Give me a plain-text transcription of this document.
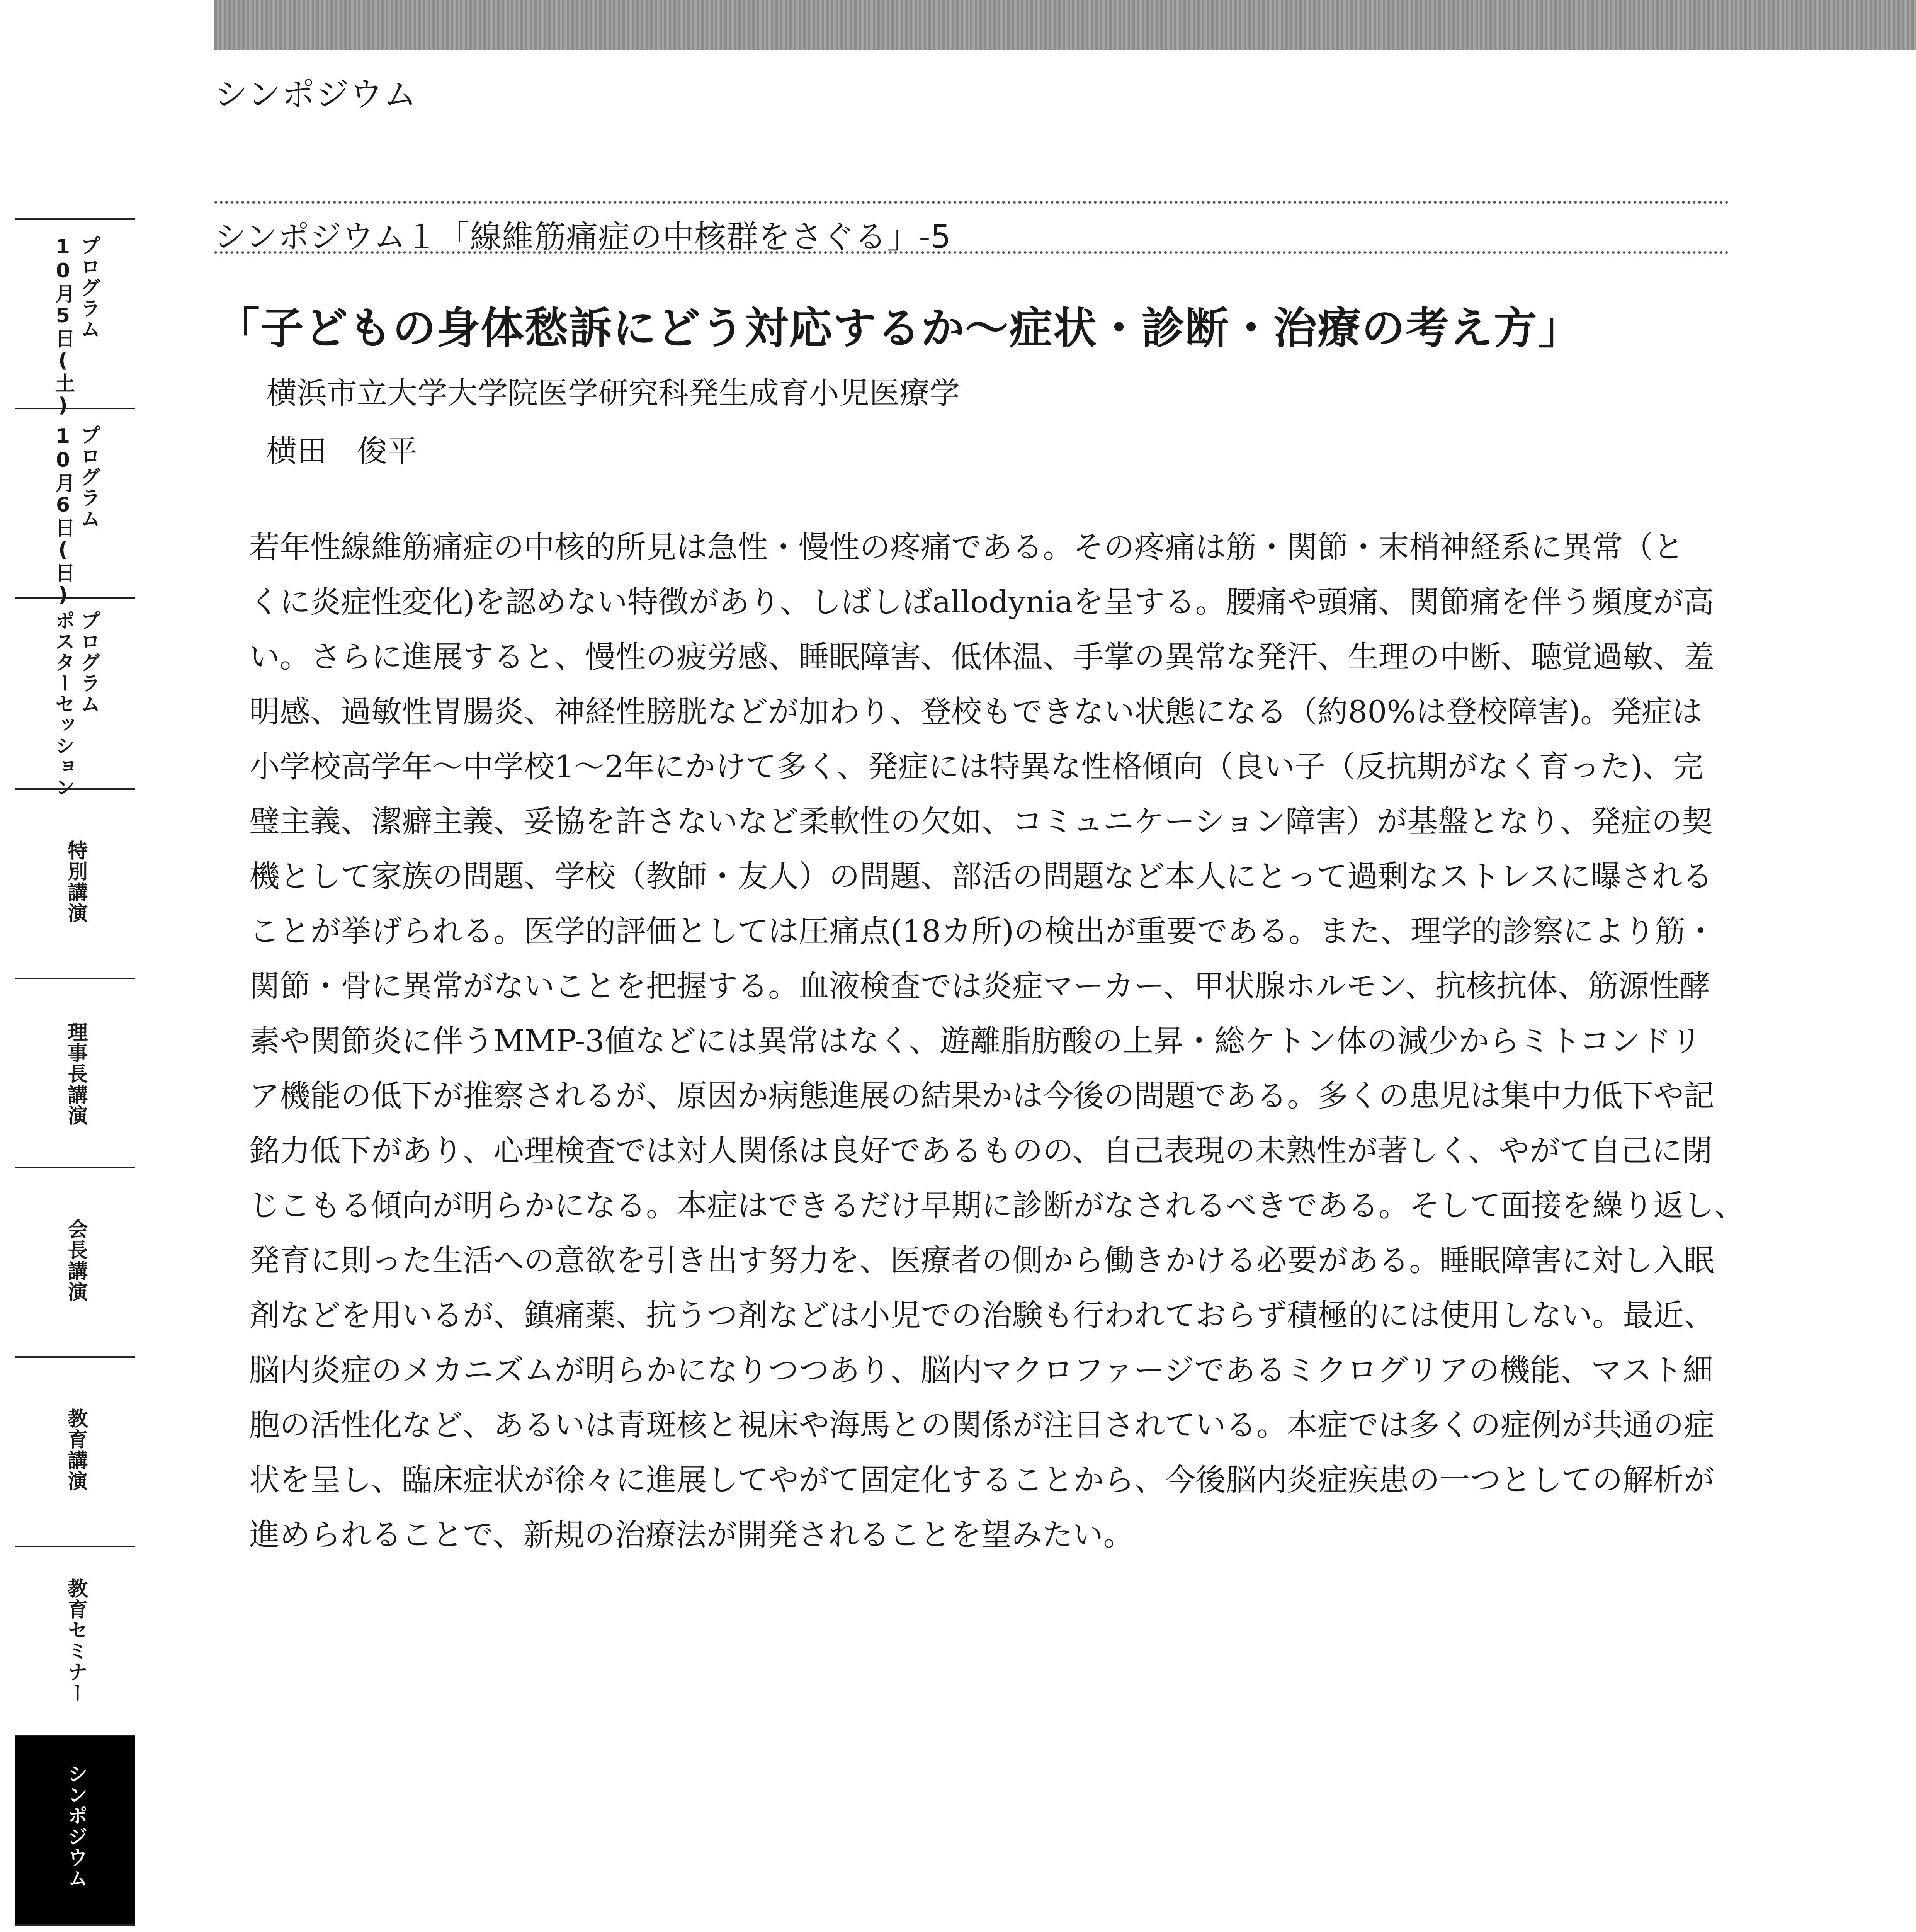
シンポジウム
10月5日(土) プログラム
10月6日(日) プログラム
ポスターセッション プログラム
特別講演
理事長講演
会長講演
教育講演
教育セミナー
シンポジウム
シンポジウム１「線維筋痛症の中核群をさぐる」-5
「子どもの身体愁訴にどう対応するか〜症状・診断・治療の考え方」
横浜市立大学大学院医学研究科発生成育小児医療学
横田　俊平
若年性線維筋痛症の中核的所見は急性・慢性の疼痛である。その疼痛は筋・関節・末梢神経系に異常（と
くに炎症性変化)を認めない特徴があり、しばしばallodyniaを呈する。腰痛や頭痛、関節痛を伴う頻度が高
い。さらに進展すると、慢性の疲労感、睡眠障害、低体温、手掌の異常な発汗、生理の中断、聴覚過敏、羞
明感、過敏性胃腸炎、神経性膀胱などが加わり、登校もできない状態になる（約80%は登校障害)。発症は
小学校高学年〜中学校1〜2年にかけて多く、発症には特異な性格傾向（良い子（反抗期がなく育った)、完
璧主義、潔癖主義、妥協を許さないなど柔軟性の欠如、コミュニケーション障害）が基盤となり、発症の契
機として家族の問題、学校（教師・友人）の問題、部活の問題など本人にとって過剰なストレスに曝される
ことが挙げられる。医学的評価としては圧痛点(18カ所)の検出が重要である。また、理学的診察により筋・
関節・骨に異常がないことを把握する。血液検査では炎症マーカー、甲状腺ホルモン、抗核抗体、筋源性酵
素や関節炎に伴うMMP-3値などには異常はなく、遊離脂肪酸の上昇・総ケトン体の減少からミトコンドリ
ア機能の低下が推察されるが、原因か病態進展の結果かは今後の問題である。多くの患児は集中力低下や記
銘力低下があり、心理検査では対人関係は良好であるものの、自己表現の未熟性が著しく、やがて自己に閉
じこもる傾向が明らかになる。本症はできるだけ早期に診断がなされるべきである。そして面接を繰り返し、
発育に則った生活への意欲を引き出す努力を、医療者の側から働きかける必要がある。睡眠障害に対し入眠
剤などを用いるが、鎮痛薬、抗うつ剤などは小児での治験も行われておらず積極的には使用しない。最近、
脳内炎症のメカニズムが明らかになりつつあり、脳内マクロファージであるミクログリアの機能、マスト細
胞の活性化など、あるいは青斑核と視床や海馬との関係が注目されている。本症では多くの症例が共通の症
状を呈し、臨床症状が徐々に進展してやがて固定化することから、今後脳内炎症疾患の一つとしての解析が
進められることで、新規の治療法が開発されることを望みたい。
